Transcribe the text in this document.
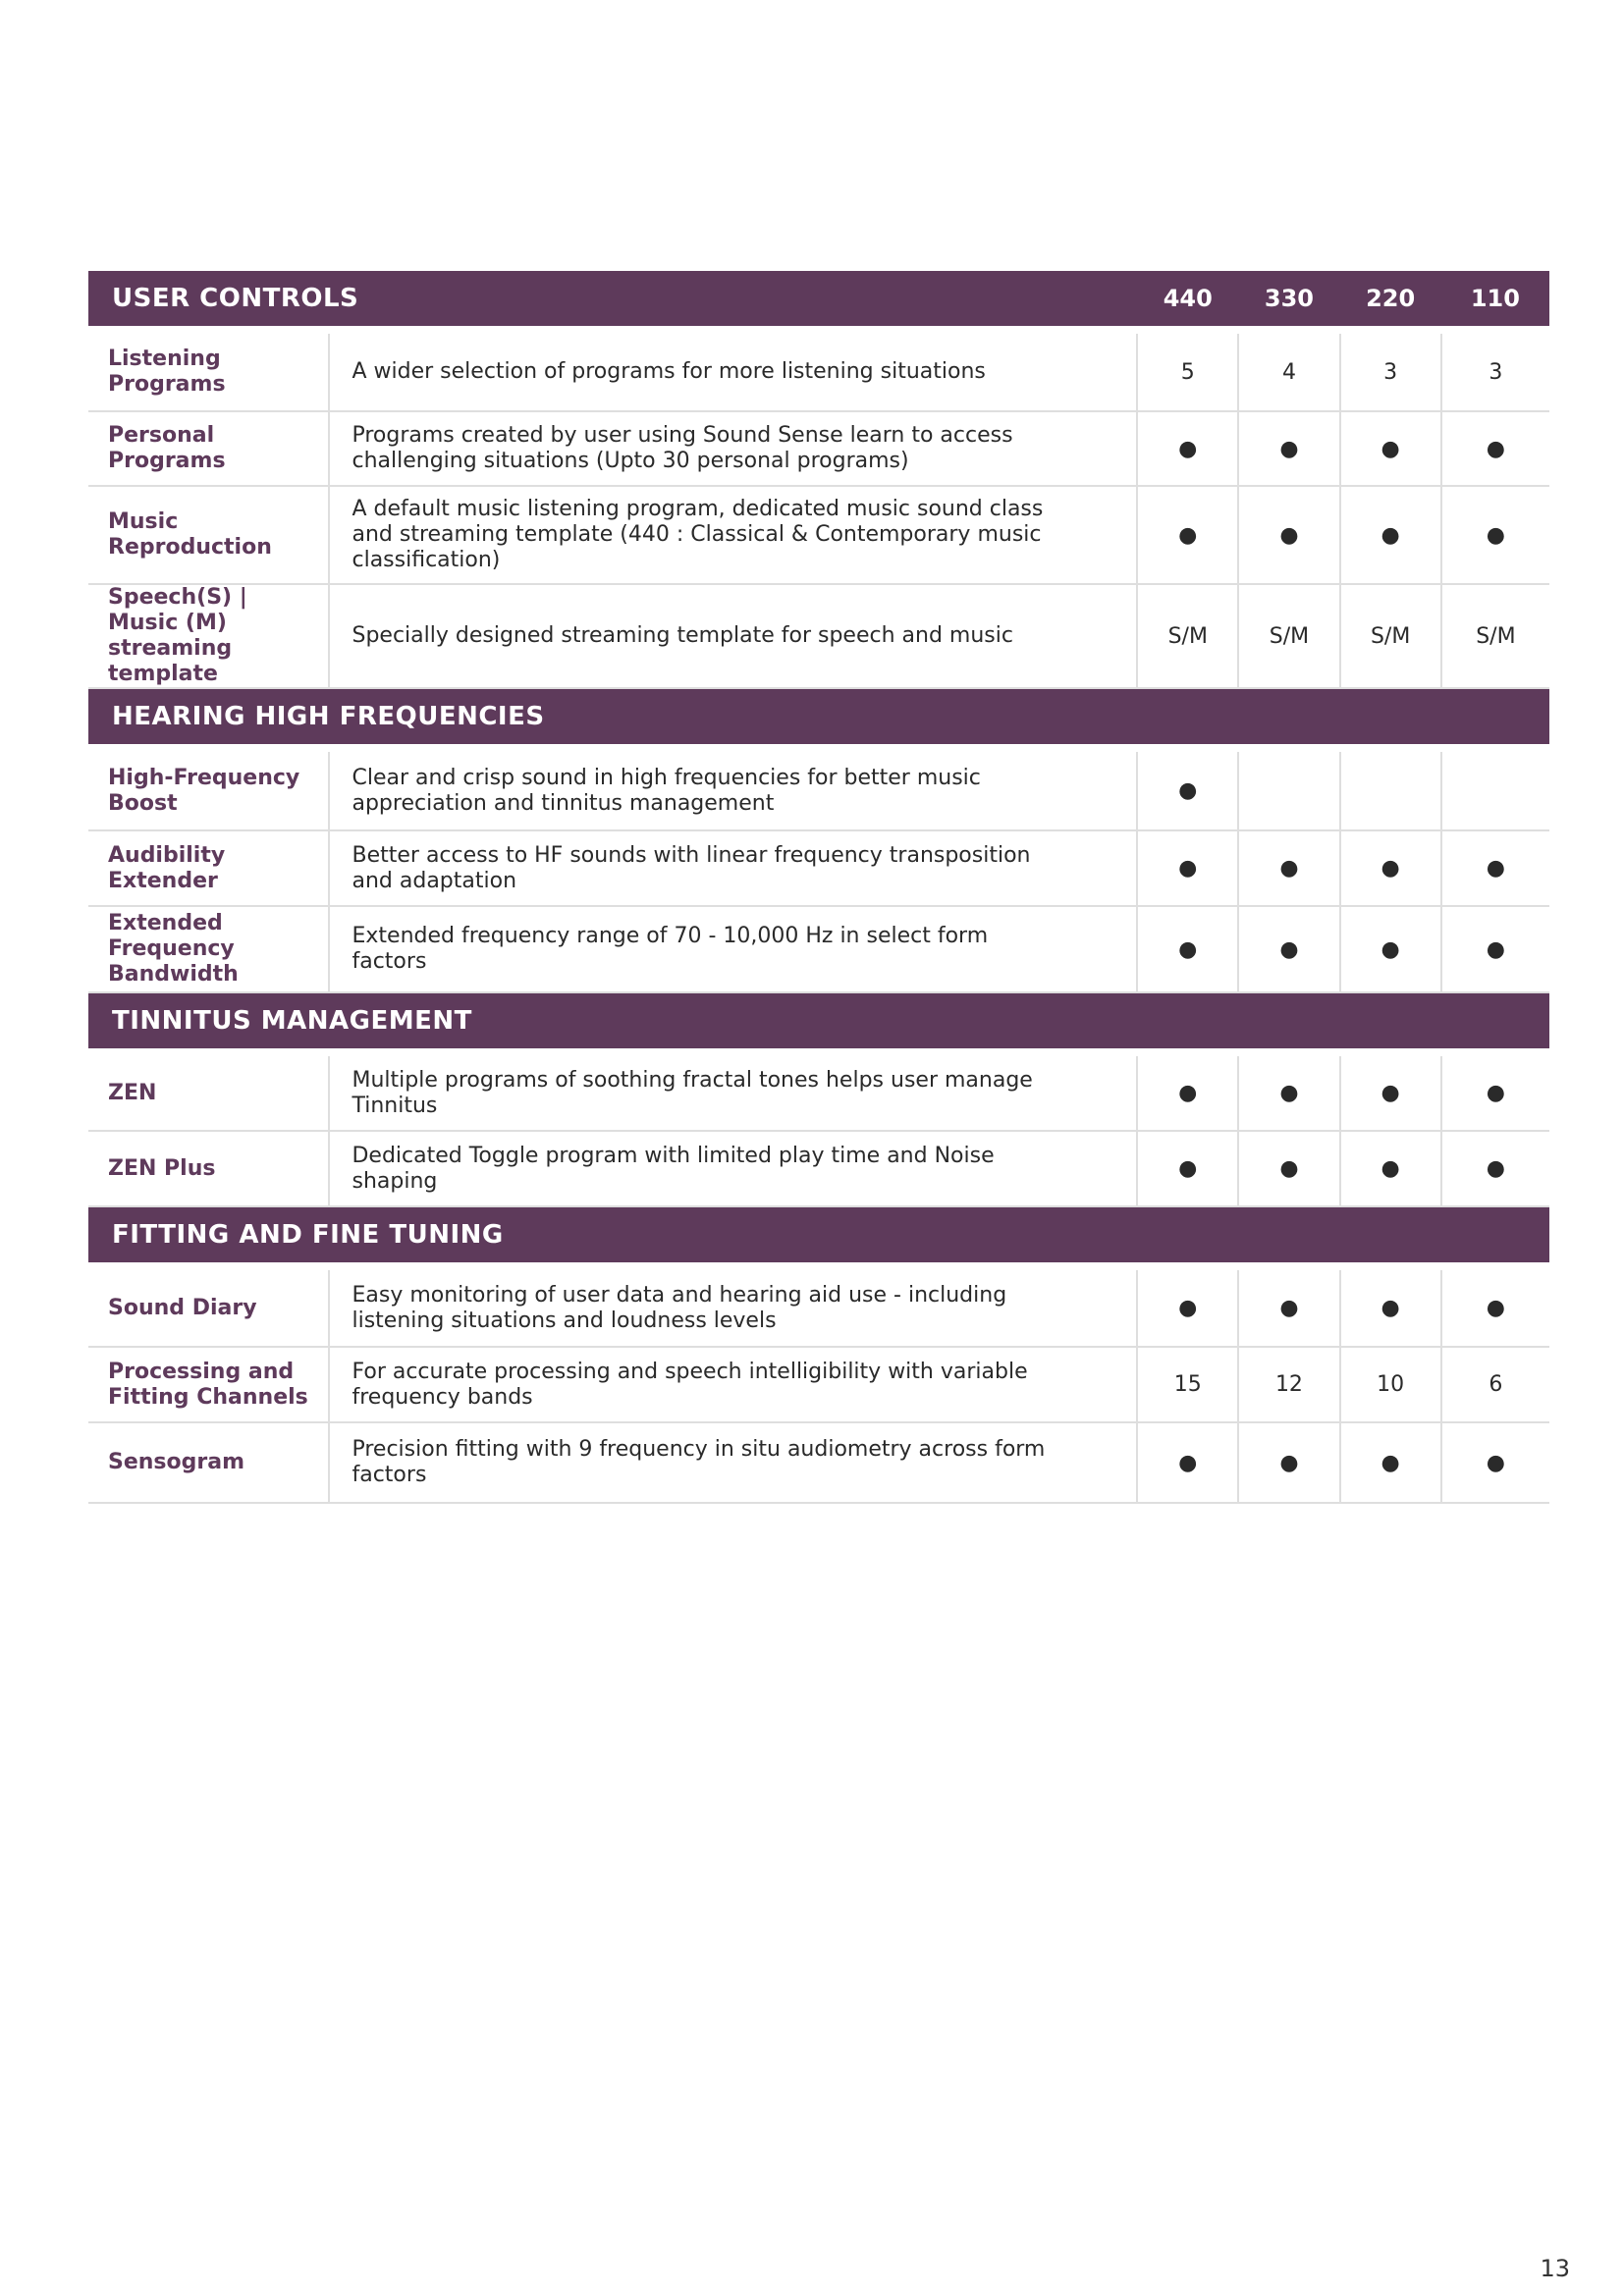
USER CONTROLS		440	330	220	110
Listening Programs	A wider selection of programs for more listening situations	5	4	3	3
Personal Programs	Programs created by user using Sound Sense learn to access challenging situations (Upto 30 personal programs)	●	●	●	●
Music Reproduction	A default music listening program, dedicated music sound class and streaming template (440 : Classical & Contemporary music classification)	●	●	●	●
Speech(S) | Music (M) streaming template	Specially designed streaming template for speech and music	S/M	S/M	S/M	S/M
HEARING HIGH FREQUENCIES					
High-Frequency Boost	Clear and crisp sound in high frequencies for better music appreciation and tinnitus management	●			
Audibility Extender	Better access to HF sounds with linear frequency transposition and adaptation	●	●	●	●
Extended Frequency Bandwidth	Extended frequency range of 70 - 10,000 Hz in select form factors	●	●	●	●
TINNITUS MANAGEMENT					
ZEN	Multiple programs of soothing fractal tones helps user manage Tinnitus	●	●	●	●
ZEN Plus	Dedicated Toggle program with limited play time and Noise shaping	●	●	●	●
FITTING AND FINE TUNING					
Sound Diary	Easy monitoring of user data and hearing aid use - including listening situations and loudness levels	●	●	●	●
Processing and Fitting Channels	For accurate processing and speech intelligibility with variable frequency bands	15	12	10	6
Sensogram	Precision fitting with 9 frequency in situ audiometry across form factors	●	●	●	●
13
